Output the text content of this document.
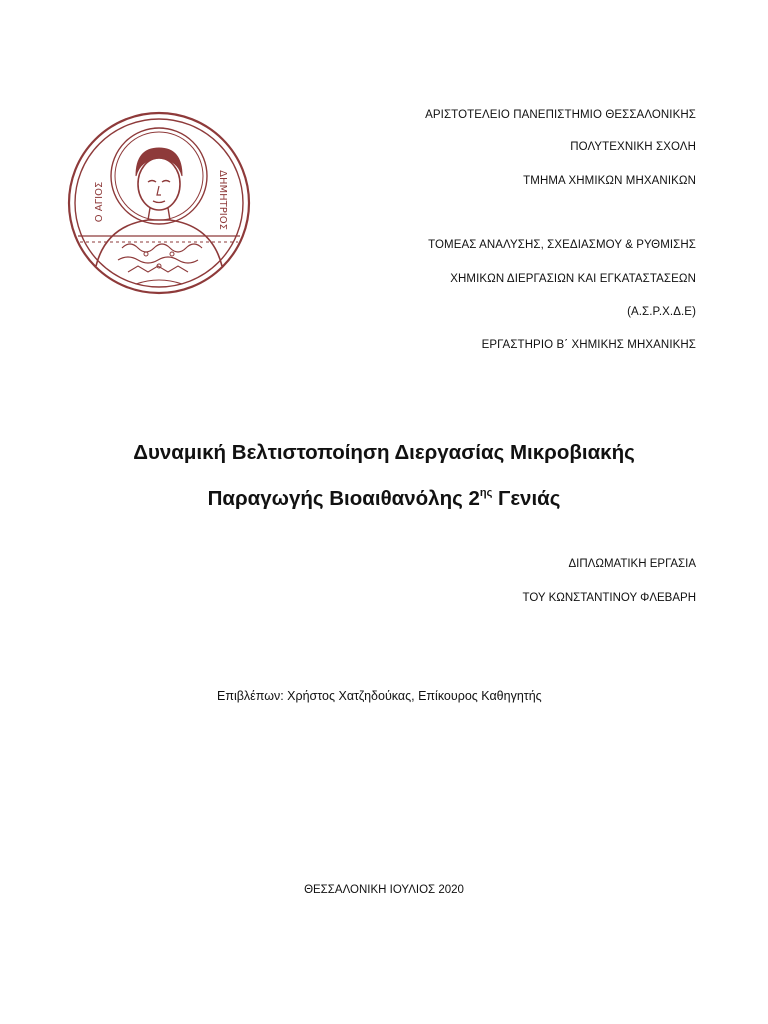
Ο ΑΓΙΟΣ	ΔΗΜΗΤΡΙΟΣ
ΑΡΙΣΤΟΤΕΛΕΙΟ ΠΑΝΕΠΙΣΤΗΜΙΟ ΘΕΣΣΑΛΟΝΙΚΗΣ
ΠΟΛΥΤΕΧΝΙΚΗ ΣΧΟΛΗ
ΤΜΗΜΑ ΧΗΜΙΚΩΝ ΜΗΧΑΝΙΚΩΝ
ΤΟΜΕΑΣ ΑΝΑΛΥΣΗΣ, ΣΧΕΔΙΑΣΜΟΥ & ΡΥΘΜΙΣΗΣ
ΧΗΜΙΚΩΝ ΔΙΕΡΓΑΣΙΩΝ ΚΑΙ ΕΓΚΑΤΑΣΤΑΣΕΩΝ
(Α.Σ.Ρ.Χ.Δ.Ε)
ΕΡΓΑΣΤΗΡΙΟ Β΄ ΧΗΜΙΚΗΣ ΜΗΧΑΝΙΚΗΣ
Δυναμική Βελτιστοποίηση Διεργασίας Μικροβιακής
Παραγωγής Βιοαιθανόλης $2^{\eta\varsigma}$ Γενιάς
ΔΙΠΛΩΜΑΤΙΚΗ ΕΡΓΑΣΙΑ
ΤΟΥ ΚΩΝΣΤΑΝΤΙΝΟΥ ΦΛΕΒΑΡΗ
Επιβλέπων: Χρήστος Χατζηδούκας, Επίκουρος Καθηγητής
ΘΕΣΣΑΛΟΝΙΚΗ ΙΟΥΛΙΟΣ 2020
